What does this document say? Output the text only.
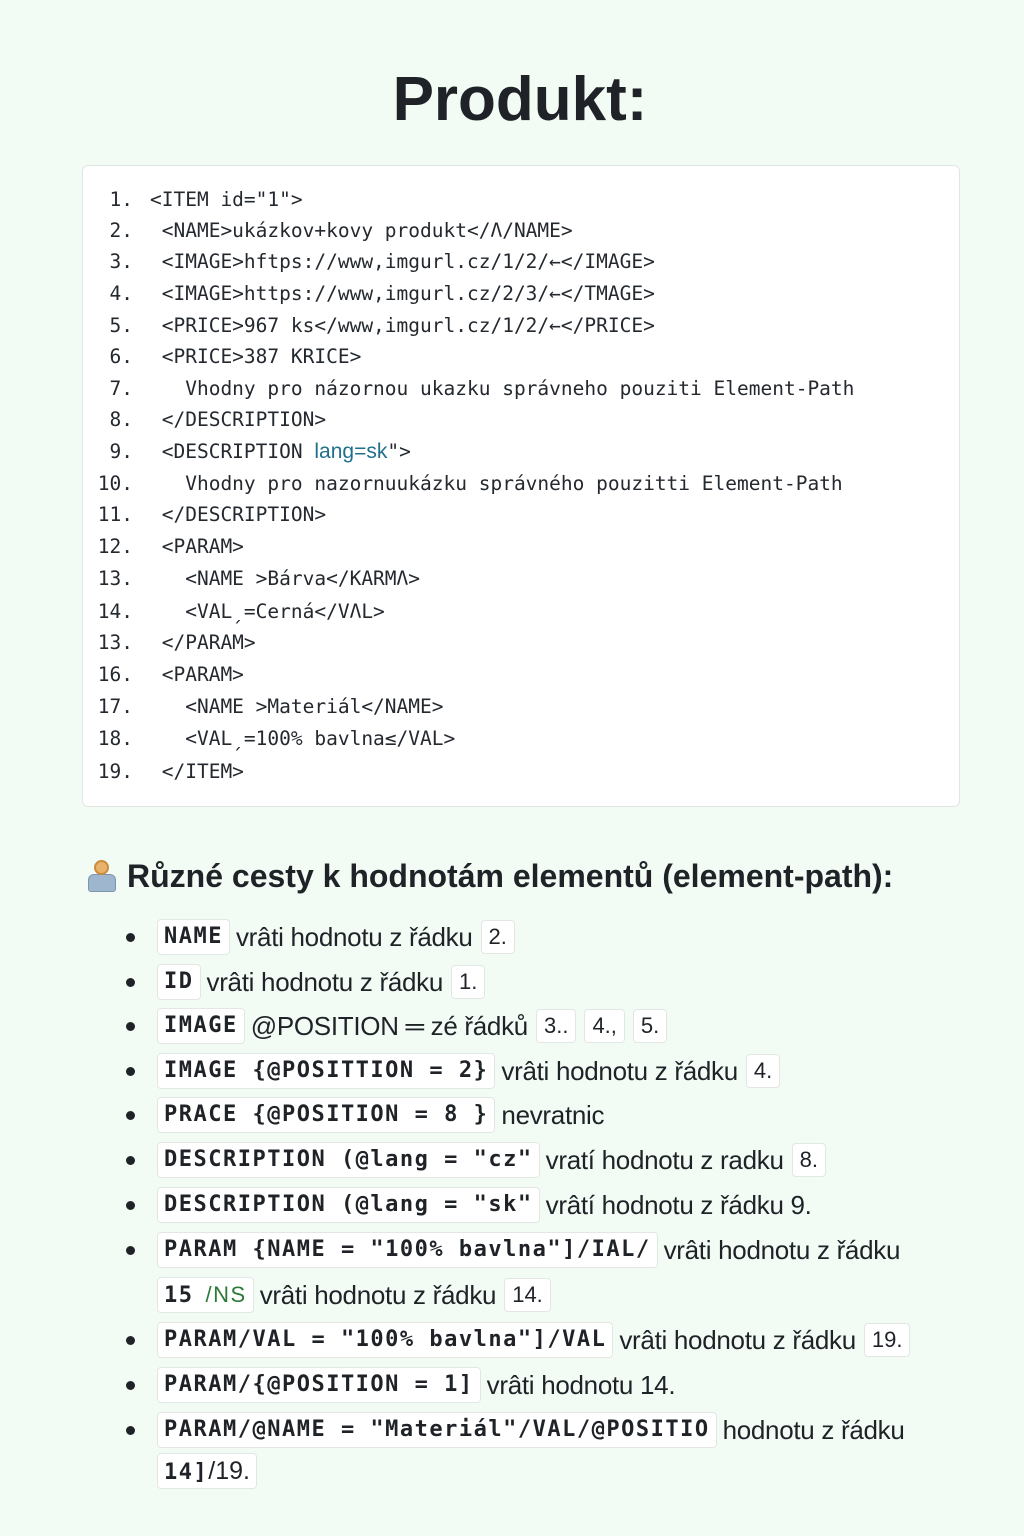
Produkt:
1. <ITEM id="1">
2. <NAME>ukázkov+kovy produkt</Λ/NAME>
3. <IMAGE>hftps://www,imgurl.cz/1/2/←</IMAGE>
4. <IMAGE>https://www,imgurl.cz/2/3/←</TMAGE>
5. <PRICE>967 ks</www,imgurl.cz/1/2/←</PRICE>
6. <PRICE>387 KRICE>
7.   Vhodny pro názornou ukazku správneho pouziti Element-Path
8. </DESCRIPTION>
9. <DESCRIPTION lang=sk">
10.   Vhodny pro nazornuukázku správného pouzitti Element-Path
11. </DESCRIPTION>
12. <PARAM>
13.   <NAME >Bárva</KARMΛ>
14.   <VALˏ=Cerná</VΛL>
13. </PARAM>
16. <PARAM>
17.   <NAME >Materiál</NAME>
18.   <VALˏ=100% bavlna≤/VAL>
19. </ITEM>
Různé cesty k hodnotám elementů (element-path):
NAME vrâti hodnotu z řádku 2.
ID vrâti hodnotu z řádku 1.
IMAGE @POSITION ═ zé řádků 3..	4.,	5.
IMAGE {@POSITTION = 2} vrâti hodnotu z řádku 4.
PRACE {@POSITION = 8 } nevratnic
DESCRIPTION (@lang = "cz" vratí hodnotu z radku 8.
DESCRIPTION (@lang = "sk" vrâtí hodnotu z řádku 9.
PARAM {NAME = "100% bavlna"]/IAL/ vrâti hodnotu z řádku
15 /NS vrâti hodnotu z řádku 14.
PARAM/VAL = "100% bavlna"]/VAL vrâti hodnotu z řádku 19.
PARAM/{@POSITION = 1] vrâti hodnotu 14.
PARAM/@NAME = "Materiál"/VAL/@POSITIO hodnotu z řádku
14]/19.
